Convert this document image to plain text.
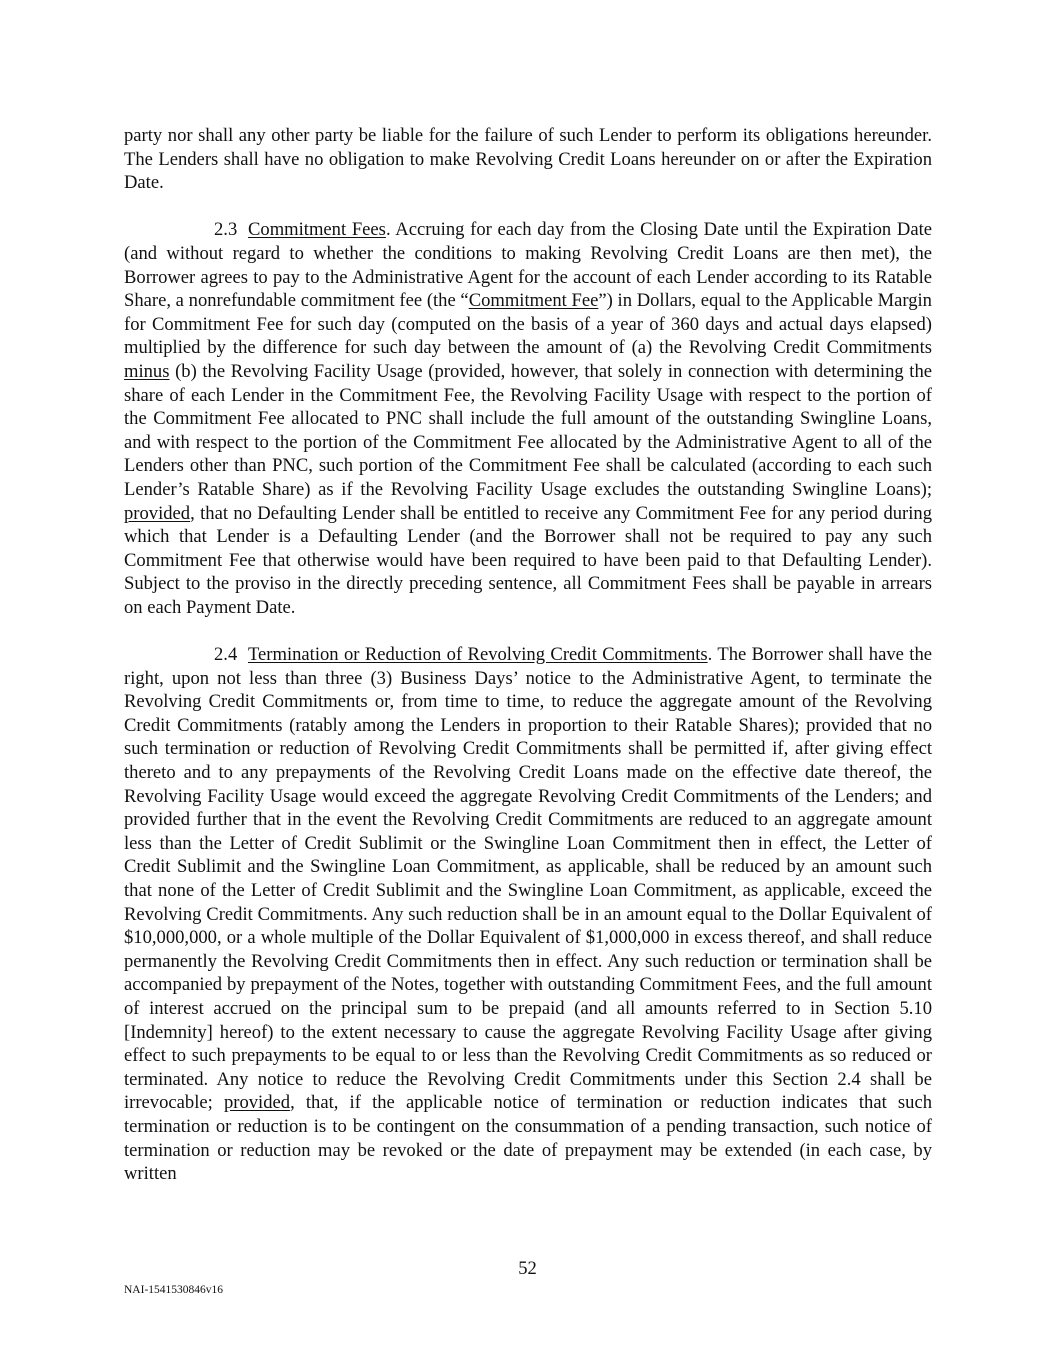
party nor shall any other party be liable for the failure of such Lender to perform its obligations hereunder. The Lenders shall have no obligation to make Revolving Credit Loans hereunder on or after the Expiration Date.

2.3 Commitment Fees. Accruing for each day from the Closing Date until the Expiration Date (and without regard to whether the conditions to making Revolving Credit Loans are then met), the Borrower agrees to pay to the Administrative Agent for the account of each Lender according to its Ratable Share, a nonrefundable commitment fee (the “Commitment Fee”) in Dollars, equal to the Applicable Margin for Commitment Fee for such day (computed on the basis of a year of 360 days and actual days elapsed) multiplied by the difference for such day between the amount of (a) the Revolving Credit Commitments minus (b) the Revolving Facility Usage (provided, however, that solely in connection with determining the share of each Lender in the Commitment Fee, the Revolving Facility Usage with respect to the portion of the Commitment Fee allocated to PNC shall include the full amount of the outstanding Swingline Loans, and with respect to the portion of the Commitment Fee allocated by the Administrative Agent to all of the Lenders other than PNC, such portion of the Commitment Fee shall be calculated (according to each such Lender’s Ratable Share) as if the Revolving Facility Usage excludes the outstanding Swingline Loans); provided, that no Defaulting Lender shall be entitled to receive any Commitment Fee for any period during which that Lender is a Defaulting Lender (and the Borrower shall not be required to pay any such Commitment Fee that otherwise would have been required to have been paid to that Defaulting Lender). Subject to the proviso in the directly preceding sentence, all Commitment Fees shall be payable in arrears on each Payment Date.

2.4 Termination or Reduction of Revolving Credit Commitments. The Borrower shall have the right, upon not less than three (3) Business Days’ notice to the Administrative Agent, to terminate the Revolving Credit Commitments or, from time to time, to reduce the aggregate amount of the Revolving Credit Commitments (ratably among the Lenders in proportion to their Ratable Shares); provided that no such termination or reduction of Revolving Credit Commitments shall be permitted if, after giving effect thereto and to any prepayments of the Revolving Credit Loans made on the effective date thereof, the Revolving Facility Usage would exceed the aggregate Revolving Credit Commitments of the Lenders; and provided further that in the event the Revolving Credit Commitments are reduced to an aggregate amount less than the Letter of Credit Sublimit or the Swingline Loan Commitment then in effect, the Letter of Credit Sublimit and the Swingline Loan Commitment, as applicable, shall be reduced by an amount such that none of the Letter of Credit Sublimit and the Swingline Loan Commitment, as applicable, exceed the Revolving Credit Commitments. Any such reduction shall be in an amount equal to the Dollar Equivalent of $10,000,000, or a whole multiple of the Dollar Equivalent of $1,000,000 in excess thereof, and shall reduce permanently the Revolving Credit Commitments then in effect. Any such reduction or termination shall be accompanied by prepayment of the Notes, together with outstanding Commitment Fees, and the full amount of interest accrued on the principal sum to be prepaid (and all amounts referred to in Section 5.10 [Indemnity] hereof) to the extent necessary to cause the aggregate Revolving Facility Usage after giving effect to such prepayments to be equal to or less than the Revolving Credit Commitments as so reduced or terminated. Any notice to reduce the Revolving Credit Commitments under this Section 2.4 shall be irrevocable; provided, that, if the applicable notice of termination or reduction indicates that such termination or reduction is to be contingent on the consummation of a pending transaction, such notice of termination or reduction may be revoked or the date of prepayment may be extended (in each case, by written

52
NAI-1541530846v16
